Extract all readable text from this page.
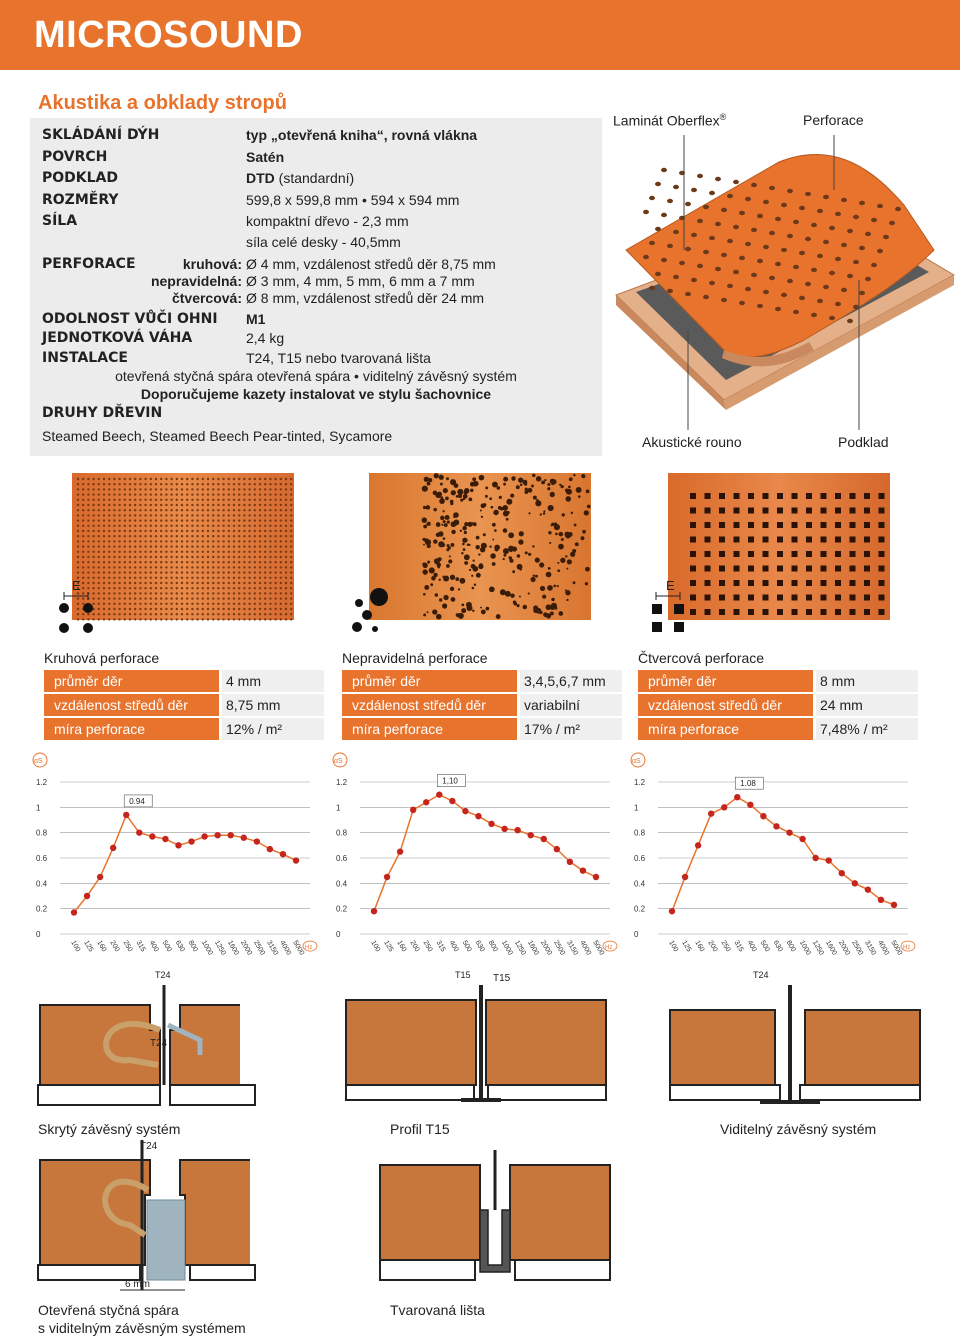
MICROSOUND
Akustika a obklady stropů
SKLÁDÁNÍ DÝH	typ „otevřená kniha“, rovná vlákna
POVRCH	Satén
PODKLAD	DTD (standardní)
ROZMĚRY	599,8 x 599,8 mm • 594 x 594 mm
SÍLA	kompaktní dřevo - 2,3 mm
síla celé desky - 40,5mm
PERFORACE	kruhová: Ø 4 mm, vzdálenost středů děr 8,75 mm
nepravidelná: Ø 3 mm, 4 mm, 5 mm, 6 mm a 7 mm
čtvercová: Ø 8 mm, vzdálenost středů děr 24 mm
ODOLNOST VŮČI OHNI M1
JEDNOTKOVÁ VÁHA	2,4 kg
INSTALACE	T24, T15 nebo tvarovaná lišta
otevřená styčná spára otevřená spára • viditelný závěsný systém
Doporučujeme kazety instalovat ve stylu šachovnice
DRUHY DŘEVIN
Steamed Beech, Steamed Beech Pear-tinted, Sycamore
Laminát Oberflex®	Perforace
Akustické rouno	Podklad
E	E
Kruhová perforace	Nepravidelná perforace	Čtvercová perforace
průměr děr	4 mm
vzdálenost středů děr	8,75 mm
míra perforace	12% / m²
průměr děr	3,4,5,6,7 mm
vzdálenost středů děr	variabilní
míra perforace	17% / m²
průměr děr	8 mm
vzdálenost středů děr	24 mm
míra perforace	7,48% / m²
αS
0
0.2
0.4
0.6
0.8
1
1.2
0.94
100 125 160 200 250 315 400 500 630 800 1000 1250 1600 2000 2500 3150 4000 5000 Hz
T24
αS
0
0.2
0.4
0.6
0.8
1
1.2	1,10
100 125 160 200 250 315 400 500 630 800 1000 1250 1600 2000 2500 3150 4000 5000 Hz
T15
αS
0
0.2
0.4
0.6
0.8
1
1.2	1.08
100 125 160 200 250 315 400 500 630 800 1000 1250 1600 2000 2500 3150 4000 5000 Hz
T24
T15
T24
Skrytý závěsný systém
T24
Profil T15	Viditelný závěsný systém
6 mm
Otevřená styčná spára
s viditelným závěsným systémem
Tvarovaná lišta
